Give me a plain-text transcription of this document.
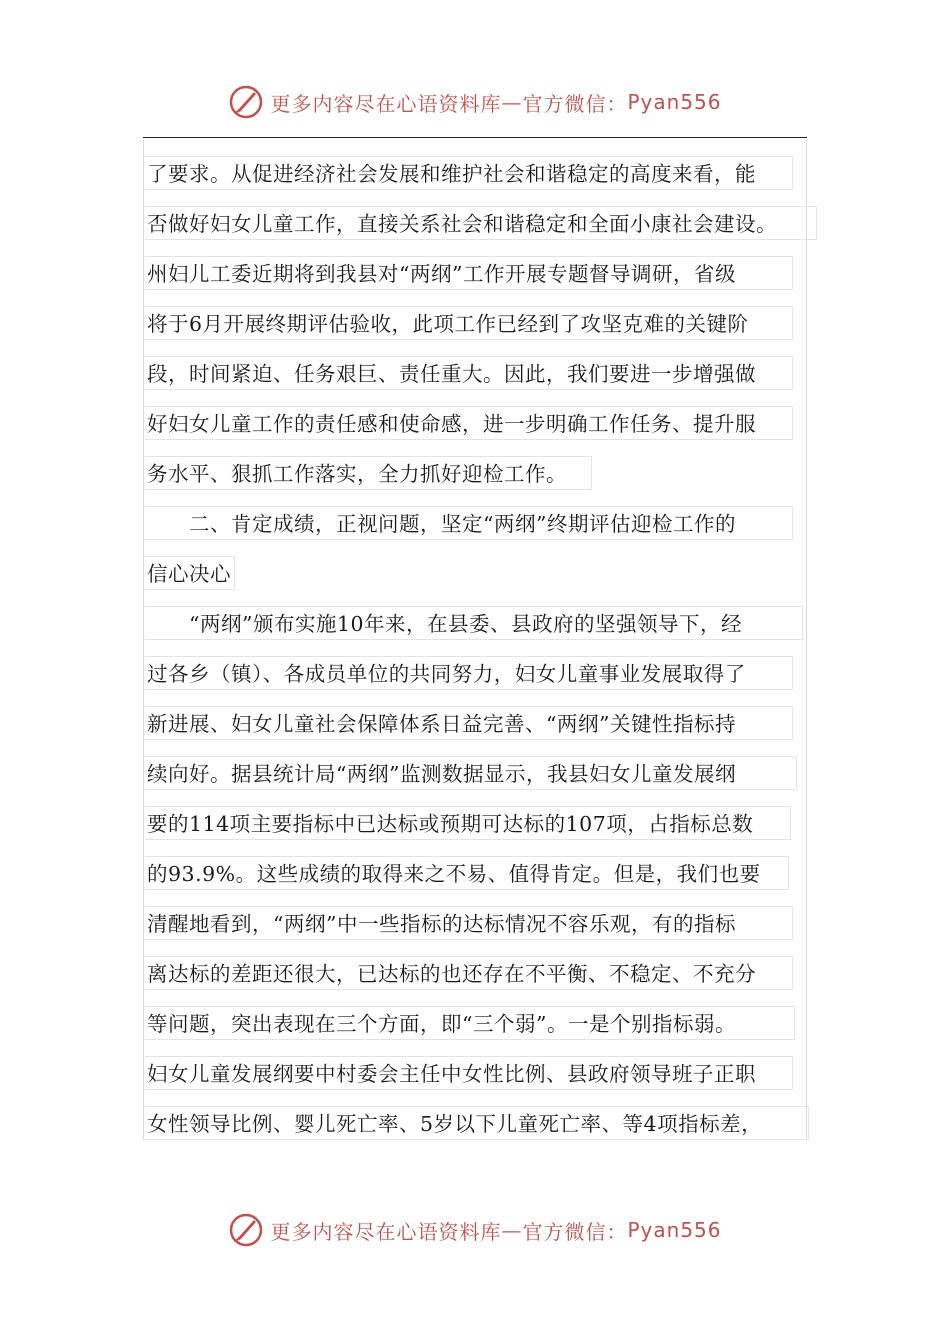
更多内容尽在心语资料库 — 官方微信： Pyan556
了要求。从促进经济社会发展和维护社会和谐稳定的高度来看，能
否做好妇女儿童工作，直接关系社会和谐稳定和全面小康社会建设。
州妇儿工委近期将到我县对“两纲”工作开展专题督导调研，省级
将于6月开展终期评估验收，此项工作已经到了攻坚克难的关键阶
段，时间紧迫、任务艰巨、责任重大。因此，我们要进一步增强做
好妇女儿童工作的责任感和使命感，进一步明确工作任务、提升服
务水平、狠抓工作落实，全力抓好迎检工作。
　　二、肯定成绩，正视问题，坚定“两纲”终期评估迎检工作的
信心决心
　　“两纲”颁布实施10年来，在县委、县政府的坚强领导下，经
过各乡（镇）、各成员单位的共同努力，妇女儿童事业发展取得了
新进展、妇女儿童社会保障体系日益完善、“两纲”关键性指标持
续向好。据县统计局“两纲”监测数据显示，我县妇女儿童发展纲
要的114项主要指标中已达标或预期可达标的107项，占指标总数
的93.9%。这些成绩的取得来之不易、值得肯定。但是，我们也要
清醒地看到，“两纲”中一些指标的达标情况不容乐观，有的指标
离达标的差距还很大，已达标的也还存在不平衡、不稳定、不充分
等问题，突出表现在三个方面，即“三个弱”。一是个别指标弱。
妇女儿童发展纲要中村委会主任中女性比例、县政府领导班子正职
女性领导比例、婴儿死亡率、5岁以下儿童死亡率、等4项指标差，
更多内容尽在心语资料库 — 官方微信： Pyan556
